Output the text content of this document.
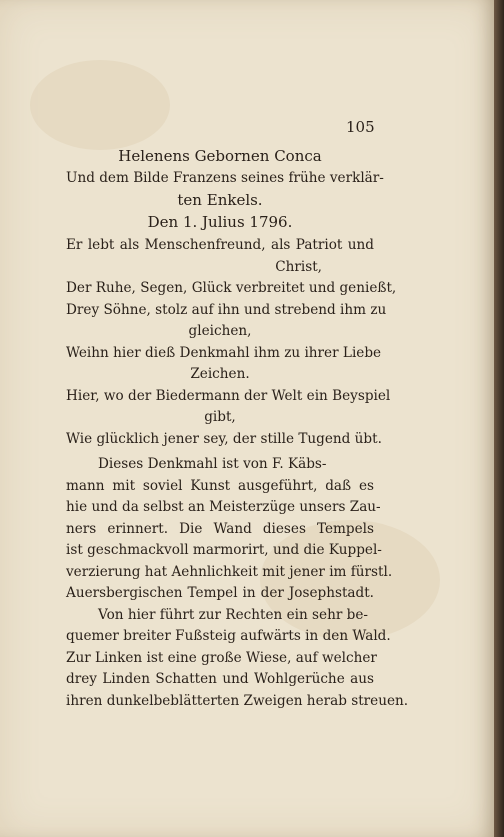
105
Helenens Gebornen Conca
Und dem Bilde Franzens seines frühe verklär-
ten Enkels.
Den 1. Julius 1796.
Er lebt als Menschenfreund, als Patriot und
Christ,
Der Ruhe, Segen, Glück verbreitet und genießt,
Drey Söhne, stolz auf ihn und strebend ihm zu
gleichen,
Weihn hier dieß Denkmahl ihm zu ihrer Liebe
Zeichen.
Hier, wo der Biedermann der Welt ein Beyspiel
gibt,
Wie glücklich jener sey, der stille Tugend übt.
Dieses Denkmahl ist von F. Käbs-
mann mit soviel Kunst ausgeführt, daß es
hie und da selbst an Meisterzüge unsers Zau-
ners erinnert. Die Wand dieses Tempels
ist geschmackvoll marmorirt, und die Kuppel-
verzierung hat Aehnlichkeit mit jener im fürstl.
Auersbergischen Tempel in der Josephstadt.
Von hier führt zur Rechten ein sehr be-
quemer breiter Fußsteig aufwärts in den Wald.
Zur Linken ist eine große Wiese, auf welcher
drey Linden Schatten und Wohlgerüche aus
ihren dunkelbeblätterten Zweigen herab streuen.
